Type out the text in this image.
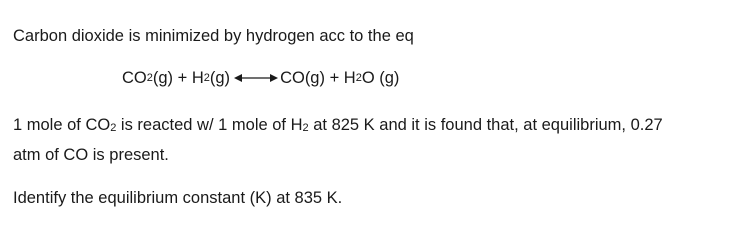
Carbon dioxide is minimized by hydrogen acc to the eq
CO 2 (g) + H 2 (g)	CO(g) + H 2 O (g)
1 mole of $CO_2$ is reacted w/ 1 mole of $H_2$ at 825 K and it is found that, at equilibrium, 0.27
atm of CO is present.
Identify the equilibrium constant (K) at 835 K.
